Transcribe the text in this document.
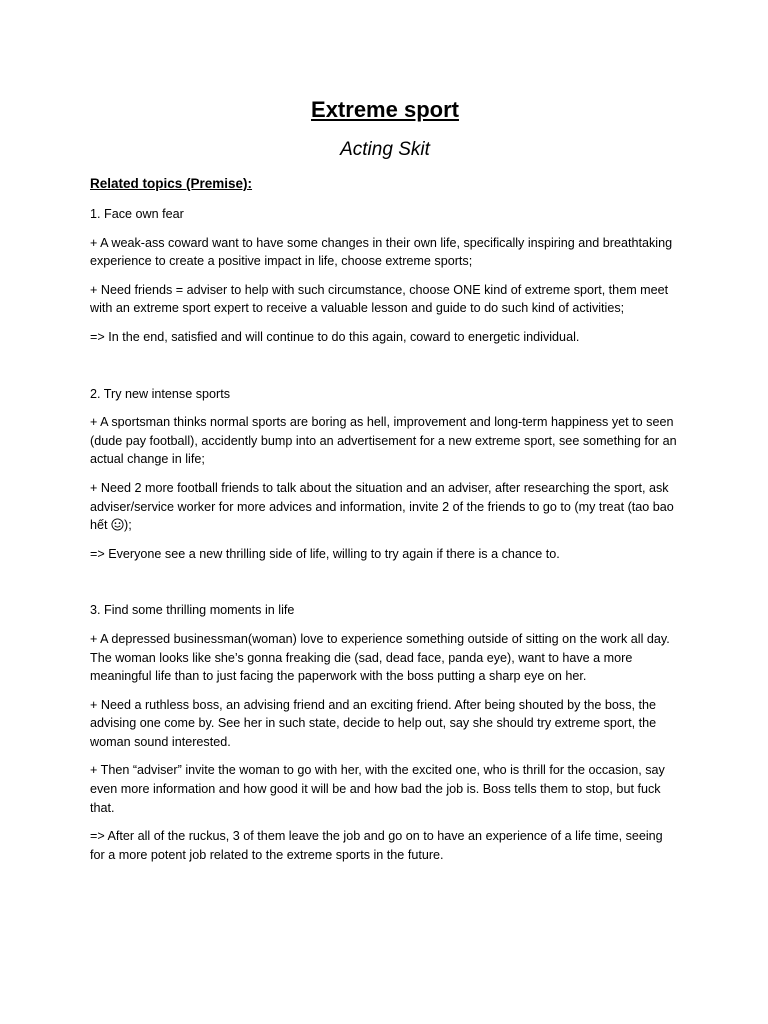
Extreme sport
Acting Skit
Related topics (Premise):

1. Face own fear

+ A weak-ass coward want to have some changes in their own life, specifically inspiring and breathtaking experience to create a positive impact in life, choose extreme sports;

+ Need friends = adviser to help with such circumstance, choose ONE kind of extreme sport, them meet with an extreme sport expert to receive a valuable lesson and guide to do such kind of activities;

=> In the end, satisfied and will continue to do this again, coward to energetic individual.

2. Try new intense sports

+ A sportsman thinks normal sports are boring as hell, improvement and long-term happiness yet to seen (dude pay football), accidently bump into an advertisement for a new extreme sport, see something for an actual change in life;

+ Need 2 more football friends to talk about the situation and an adviser, after researching the sport, ask adviser/service worker for more advices and information, invite 2 of the friends to go to (my treat (tao bao hết );

=> Everyone see a new thrilling side of life, willing to try again if there is a chance to.

3. Find some thrilling moments in life

+ A depressed businessman(woman) love to experience something outside of sitting on the work all day. The woman looks like she’s gonna freaking die (sad, dead face, panda eye), want to have a more meaningful life than to just facing the paperwork with the boss putting a sharp eye on her.

+ Need a ruthless boss, an advising friend and an exciting friend. After being shouted by the boss, the advising one come by. See her in such state, decide to help out, say she should try extreme sport, the woman sound interested.

+ Then “adviser” invite the woman to go with her, with the excited one, who is thrill for the occasion, say even more information and how good it will be and how bad the job is. Boss tells them to stop, but fuck that.

=> After all of the ruckus, 3 of them leave the job and go on to have an experience of a life time, seeing for a more potent job related to the extreme sports in the future.
